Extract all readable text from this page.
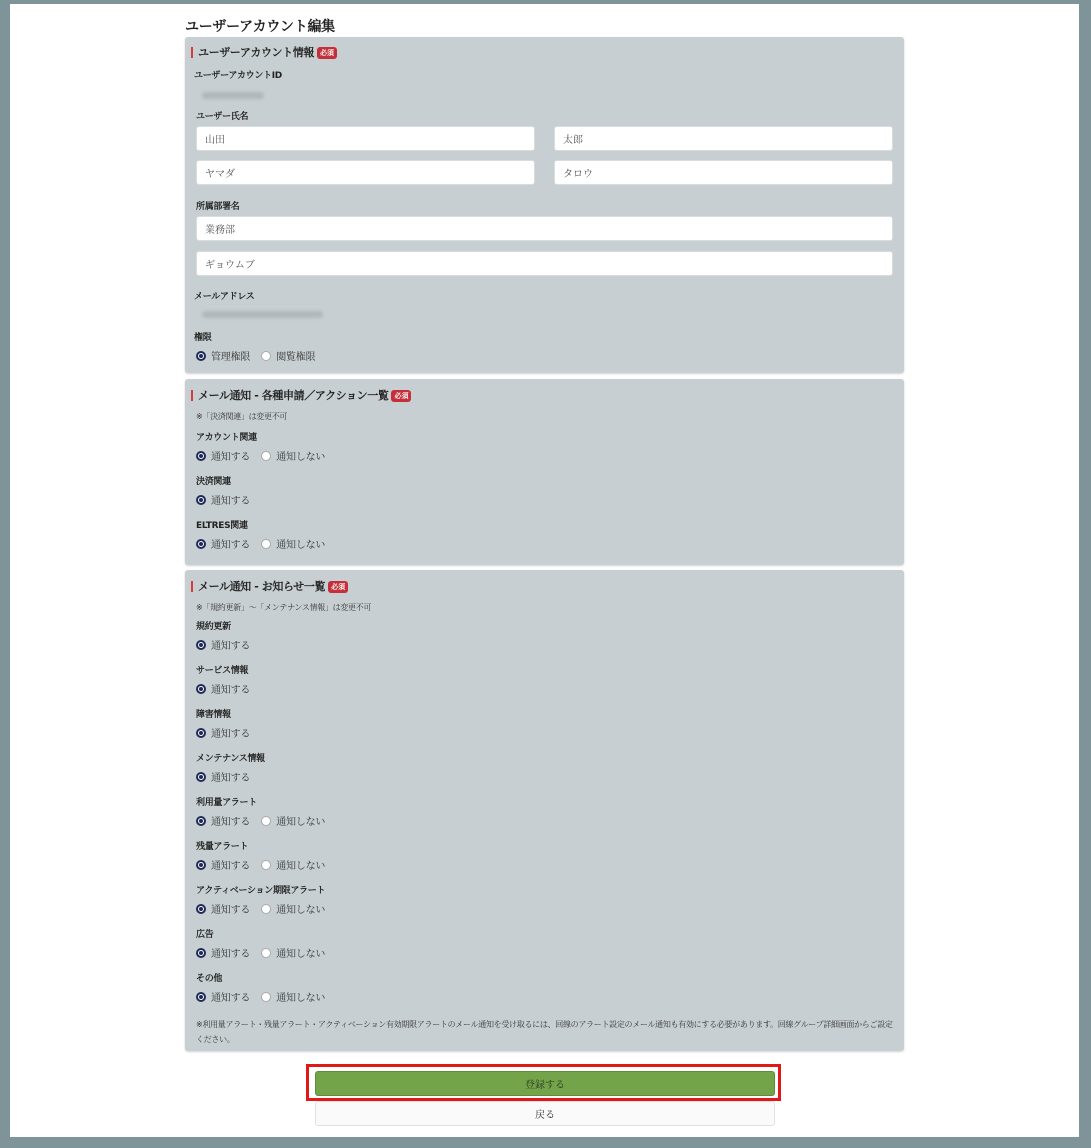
ユーザーアカウント編集
ユーザーアカウント情報 必須
ユーザーアカウントID
ユーザー氏名
山田
太郎
ヤマダ
タロウ
所属部署名
業務部
ギョウムブ
メールアドレス
権限
管理権限	閲覧権限
メール通知 - 各種申請／アクション一覧 必須
※「決済関連」は変更不可
アカウント関連
通知する	通知しない
決済関連
通知する
ELTRES関連
通知する	通知しない
メール通知 - お知らせ一覧 必須
※「規約更新」～「メンテナンス情報」は変更不可
規約更新
通知する
サービス情報
通知する
障害情報
通知する
メンテナンス情報
通知する
利用量アラート
通知する	通知しない
残量アラート
通知する	通知しない
アクティベーション期限アラート
通知する	通知しない
広告
通知する	通知しない
その他
通知する	通知しない
※利用量アラート・残量アラート・アクティベーション有効期限アラートのメール通知を受け取るには、回線のアラート設定のメール通知も有効にする必要があります。回線グループ詳細画面からご設定ください。
登録する
戻る
